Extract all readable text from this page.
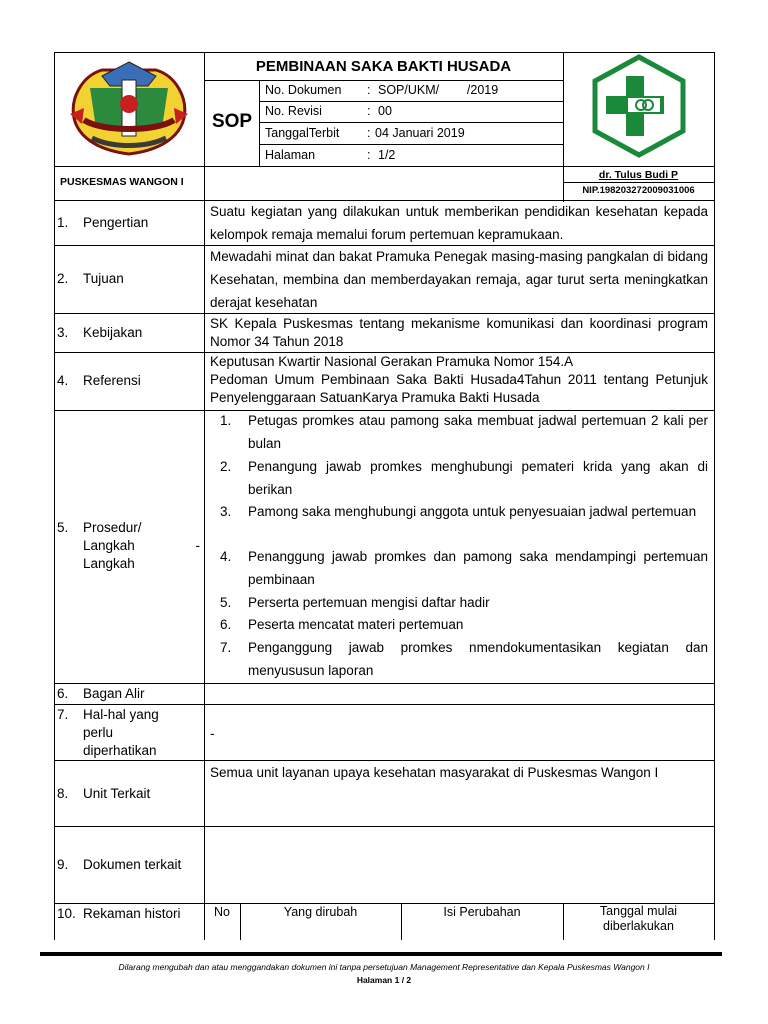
PEMBINAAN SAKA BAKTI HUSADA
SOP
No. Dokumen : SOP/UKM/        /2019
No. Revisi	: 00
TanggalTerbit : 04 Januari 2019
Halaman	: 1/2
PUSKESMAS WANGON I
dr. Tulus Budi P
NIP.198203272009031006
1. Pengertian
Suatu kegiatan yang dilakukan untuk memberikan pendidikan kesehatan kepada kelompok remaja memalui forum pertemuan kepramukaan.
2. Tujuan
Mewadahi minat dan bakat Pramuka Penegak masing-masing pangkalan di bidang Kesehatan, membina dan memberdayakan remaja, agar turut serta meningkatkan derajat kesehatan
3. Kebijakan
SK Kepala Puskesmas tentang mekanisme komunikasi dan koordinasi program Nomor 34 Tahun 2018
4. Referensi
Keputusan Kwartir Nasional Gerakan Pramuka Nomor 154.A
Pedoman Umum Pembinaan Saka Bakti Husada4Tahun 2011 tentang Petunjuk Penyelenggaraan SatuanKarya Pramuka Bakti Husada
5. Prosedur/
Langkah	-
Langkah
1.	Petugas promkes atau pamong saka membuat jadwal pertemuan 2 kali per bulan
2.	Penangung jawab promkes menghubungi pemateri krida yang akan di berikan
3.	Pamong saka menghubungi anggota untuk penyesuaian jadwal pertemuan
4.	Penanggung jawab promkes dan pamong saka mendampingi pertemuan pembinaan
5.	Perserta pertemuan mengisi daftar hadir
6.	Peserta mencatat materi pertemuan
7.	Penganggung jawab promkes nmendokumentasikan kegiatan dan menyususun laporan
6. Bagan Alir
7. Hal-hal yang
perlu
diperhatikan
-
8. Unit Terkait
Semua unit layanan upaya kesehatan masyarakat di Puskesmas Wangon I
9. Dokumen terkait
10. Rekaman histori	No	Yang dirubah	Isi Perubahan	Tanggal mulai diberlakukan
Dilarang mengubah dan atau menggandakan dokumen ini tanpa persetujuan Management Representative dan Kepala Puskesmas Wangon I
Halaman 1 / 2
